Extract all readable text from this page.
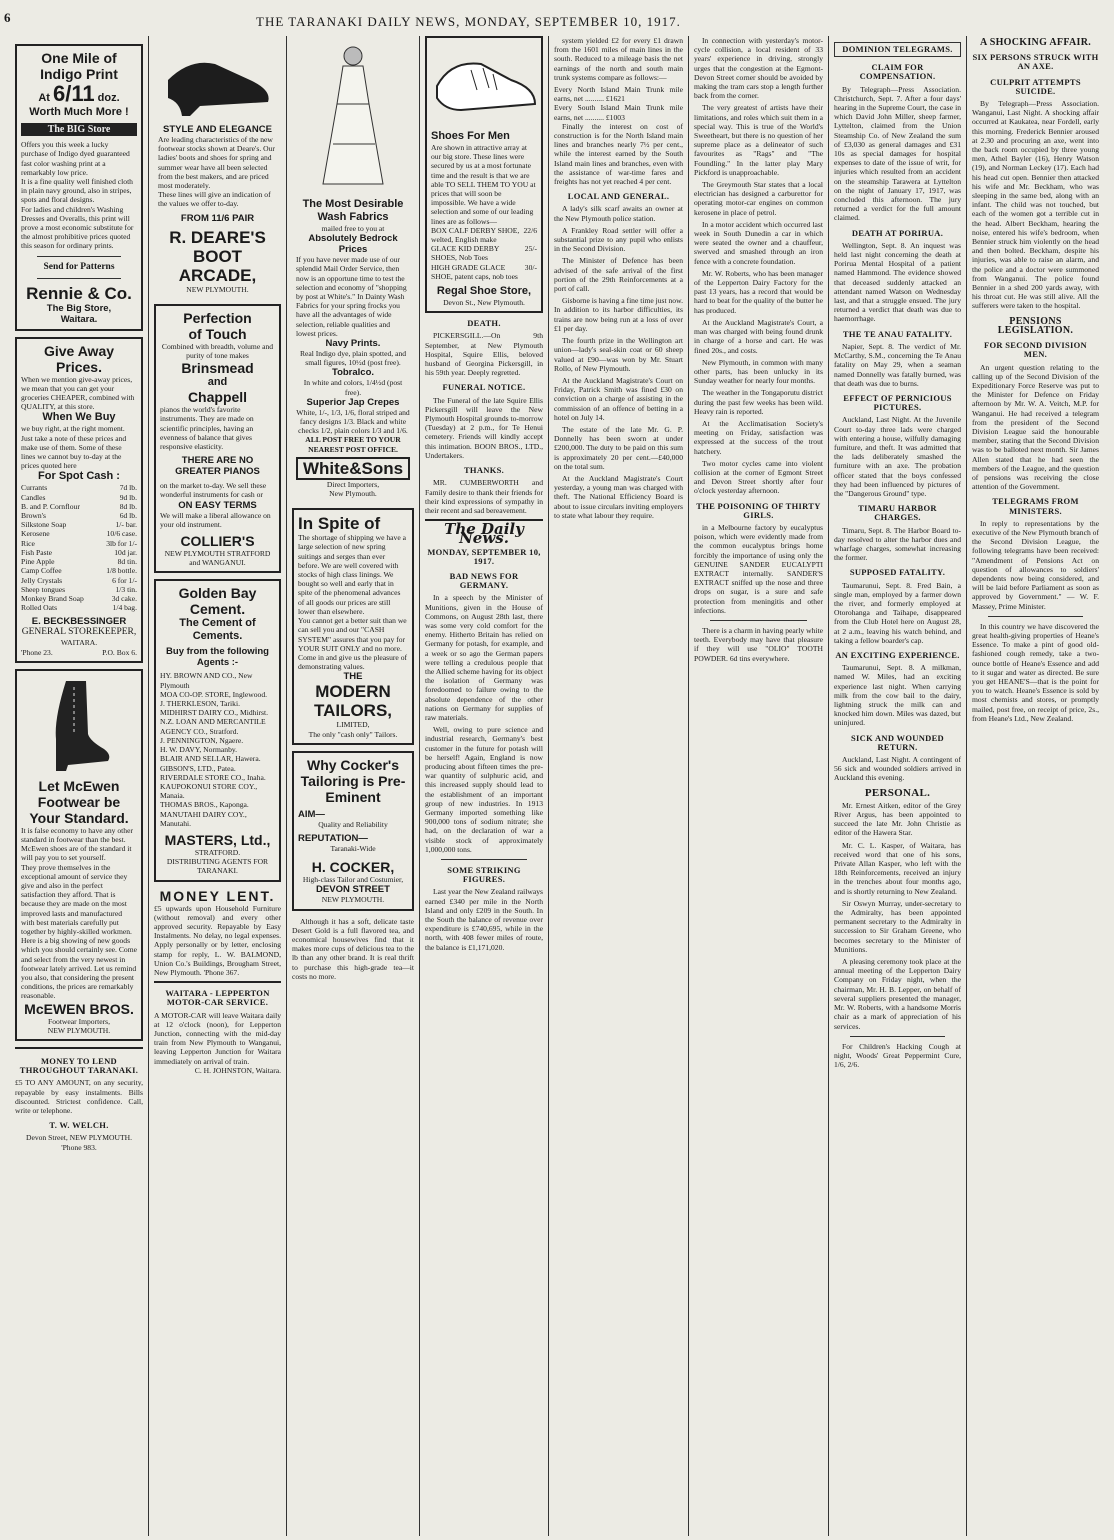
6	THE TARANAKI DAILY NEWS, MONDAY, SEPTEMBER 10, 1917.
One Mile of
Indigo Print
At 6/11 doz.
Worth Much More !
The BIG Store
Offers you this week a lucky purchase of Indigo dyed guaranteed fast color washing print at a remarkably low price.
It is a fine quality well finished cloth in plain navy ground, also in stripes, spots and floral designs.
For ladies and children's Washing Dresses and Overalls, this print will prove a most economic substitute for the almost prohibitive prices quoted this season for ordinary prints.
Send for Patterns
Rennie & Co.
The Big Store,
Waitara.
Give Away Prices.
When we mention give-away prices, we mean that you can get your groceries CHEAPER, combined with QUALITY, at this store.
When We Buy
we buy right, at the right moment. Just take a note of these prices and make use of them. Some of these lines we cannot buy to-day at the prices quoted here
For Spot Cash :
Currants	7d lb.
Candles	9d lb.
B. and P. Cornflour	8d lb.
Brown's	6d lb.
Silkstone Soap	1/- bar.
Kerosene	10/6 case.
Rice	3lb for 1/-
Fish Paste	10d jar.
Pine Apple	8d tin.
Camp Coffee	1/8 bottle.
Jelly Crystals	6 for 1/-
Sheep tongues	1/3 tin.
Monkey Brand Soap	3d cake.
Rolled Oats	1/4 bag.
E. BECKBESSINGER
GENERAL STOREKEEPER,
WAITARA.
'Phone 23.	P.O. Box 6.
Let McEwen
Footwear be
Your Standard.
It is false economy to have any other standard in footwear than the best. McEwen shoes are of the standard it will pay you to set yourself.
They prove themselves in the exceptional amount of service they give and also in the perfect satisfaction they afford. That is because they are made on the most improved lasts and manufactured with best materials carefully put together by highly-skilled workmen.
Here is a big showing of new goods which you should certainly see. Come and select from the very newest in footwear lately arrived. Let us remind you also, that considering the present conditions, the prices are remarkably reasonable.
McEWEN BROS.
Footwear Importers,
NEW PLYMOUTH.
MONEY TO LEND THROUGHOUT TARANAKI.
£5 TO ANY AMOUNT, on any security, repayable by easy instalments. Bills discounted. Strictest confidence. Call, write or telephone.
T. W. WELCH.
Devon Street, NEW PLYMOUTH. 'Phone 983.
STYLE AND ELEGANCE
Are leading characteristics of the new footwear stocks shown at Deare's. Our ladies' boots and shoes for spring and summer wear have all been selected from the best makers, and are priced most moderately.
These lines will give an indication of the values we offer to-day.
FROM 11/6 PAIR
R. DEARE'S
BOOT
ARCADE,
NEW PLYMOUTH.
Perfection
of Touch
Combined with breadth, volume and purity of tone makes
Brinsmead
and
Chappell
pianos the world's favorite instruments. They are made on scientific principles, having an evenness of balance that gives responsive elasticity.
THERE ARE NO GREATER PIANOS
on the market to-day. We sell these wonderful instruments for cash or
ON EASY TERMS
We will make a liberal allowance on your old instrument.
COLLIER'S
NEW PLYMOUTH STRATFORD and WANGANUI.
Golden Bay Cement.
The Cement of Cements.
Buy from the following Agents :-
HY. BROWN AND CO., New Plymouth
MOA CO-OP. STORE, Inglewood.
J. THERKLESON, Tariki.
MIDHIRST DAIRY CO., Midhirst.
N.Z. LOAN AND MERCANTILE AGENCY CO., Stratford.
J. PENNINGTON, Ngaere.
H. W. DAVY, Normanby.
BLAIR AND SELLAR, Hawera.
GIBSON'S, LTD., Patea.
RIVERDALE STORE CO., Inaha.
KAUPOKONUI STORE COY., Manaia.
THOMAS BROS., Kaponga.
MANUTAHI DAIRY COY., Manutahi.
MASTERS, Ltd.,
STRATFORD.
DISTRIBUTING AGENTS FOR TARANAKI.
MONEY LENT.
£5 upwards upon Household Furniture (without removal) and every other approved security. Repayable by Easy Instalments. No delay, no legal expenses. Apply personally or by letter, enclosing stamp for reply, L. W. BALMOND, Union Co.'s Buildings, Brougham Street, New Plymouth. 'Phone 367.
WAITARA - LEPPERTON MOTOR-CAR SERVICE.
A MOTOR-CAR will leave Waitara daily at 12 o'clock (noon), for Lepperton Junction, connecting with the mid-day train from New Plymouth to Wanganui, leaving Lepperton Junction for Waitara immediately on arrival of train.
C. H. JOHNSTON, Waitara.
The Most Desirable Wash Fabrics
mailed free to you at
Absolutely Bedrock Prices
If you have never made use of our splendid Mail Order Service, then now is an opportune time to test the selection and economy of "shopping by post at White's." In Dainty Wash Fabrics for your spring frocks you have all the advantages of wide selection, reliable qualities and lowest prices.
Navy Prints.
Real Indigo dye, plain spotted, and small figures, 10½d (post free).
Tobralco.
In white and colors, 1/4½d (post free).
Superior Jap Crepes
White, 1/-, 1/3, 1/6, floral striped and fancy designs 1/3. Black and white checks 1/2, plain colors 1/3 and 1/6.
ALL POST FREE TO YOUR NEAREST POST OFFICE.
White&Sons
Direct Importers,
New Plymouth.
In Spite of
The shortage of shipping we have a large selection of new spring suitings and serges than ever before. We are well covered with stocks of high class linings. We bought so well and early that in spite of the phenomenal advances of all goods our prices are still lower than elsewhere.
You cannot get a better suit than we can sell you and our "CASH SYSTEM" assures that you pay for YOUR SUIT ONLY and no more.
Come in and give us the pleasure of demonstrating values.
THE
MODERN
TAILORS,
LIMITED,
The only "cash only" Tailors.
Why Cocker's Tailoring is Pre-Eminent
AIM—
Quality and Reliability
REPUTATION—
Taranaki-Wide
H. COCKER,
High-class Tailor and Costumier,
DEVON STREET
NEW PLYMOUTH.

Although it has a soft, delicate taste Desert Gold is a full flavored tea, and economical housewives find that it makes more cups of delicious tea to the lb than any other brand. It is real thrift to purchase this high-grade tea—it costs no more.

Shoes For Men
Are shown in attractive array at our big store. These lines were secured by us at a most fortunate time and the result is that we are able TO SELL THEM TO YOU at prices that will soon be impossible. We have a wide selection and some of our leading lines are as follows—
BOX CALF DERBY SHOE, welted, English make
22/6
GLACE KID DERBY SHOES, Nob Toes
25/-
HIGH GRADE GLACE SHOE, patent caps, nob toes
30/-
Regal Shoe Store,
Devon St., New Plymouth.
DEATH.

PICKERSGILL.—On 9th September, at New Plymouth Hospital, Squire Ellis, beloved husband of Georgina Pickersgill, in his 59th year. Deeply regretted.

FUNERAL NOTICE.

The Funeral of the late Squire Ellis Pickersgill will leave the New Plymouth Hospital grounds to-morrow (Tuesday) at 2 p.m., for Te Henui cemetery. Friends will kindly accept this intimation. BOON BROS., LTD., Undertakers.

THANKS.

MR. CUMBERWORTH and Family desire to thank their friends for their kind expressions of sympathy in their recent and sad bereavement.

The Daily News.
MONDAY, SEPTEMBER 10, 1917.
BAD NEWS FOR GERMANY.

In a speech by the Minister of Munitions, given in the House of Commons, on August 28th last, there was some very cold comfort for the enemy. Hitherto Britain has relied on Germany for potash, for example, and a week or so ago the German papers were telling a credulous people that the Allied scheme having for its object the isolation of Germany was foredoomed to failure owing to the absolute dependence of the other nations on Germany for supplies of raw materials.

Well, owing to pure science and industrial research, Germany's best customer in the future for potash will be herself! Again, England is now producing about fifteen times the pre-war quantity of sulphuric acid, and this increased supply should lead to the establishment of an important group of new industries. In 1913 Germany imported something like 900,000 tons of sodium nitrate; she had, on the declaration of war a visible stock of approximately 1,000,000 tons.

SOME STRIKING FIGURES.

Last year the New Zealand railways earned £340 per mile in the North Island and only £209 in the South. In the South the balance of revenue over expenditure is £740,695, while in the north, with 408 fewer miles of route, the balance is £1,171,020.

system yielded £2 for every £1 drawn from the 1601 miles of main lines in the south. Reduced to a mileage basis the net earnings of the north and south main trunk systems compare as follows:—

Every North Island Main Trunk mile earns, net .......... £1621
Every South Island Main Trunk mile earns, net .......... £1003

Finally the interest on cost of construction is for the North Island main lines and branches nearly 7½ per cent., while the interest earned by the South Island main lines and branches, even with the assistance of war-time fares and freights has not yet reached 4 per cent.

LOCAL AND GENERAL.

A lady's silk scarf awaits an owner at the New Plymouth police station.

A Frankley Road settler will offer a substantial prize to any pupil who enlists in the Second Division.

The Minister of Defence has been advised of the safe arrival of the first portion of the 29th Reinforcements at a port of call.

Gisborne is having a fine time just now. In addition to its harbor difficulties, its trains are now being run at a loss of over £1 per day.

The fourth prize in the Wellington art union—lady's seal-skin coat or 60 sheep valued at £90—was won by Mr. Stuart Rollo, of New Plymouth.

At the Auckland Magistrate's Court on Friday, Patrick Smith was fined £30 on conviction on a charge of assisting in the commission of an offence of betting in a hotel on July 14.

The estate of the late Mr. G. P. Donnelly has been sworn at under £200,000. The duty to be paid on this sum is approximately 20 per cent.—£40,000 on the total sum.

At the Auckland Magistrate's Court yesterday, a young man was charged with theft. The National Efficiency Board is about to issue circulars inviting employers to state what labour they require.

In connection with yesterday's motor-cycle collision, a local resident of 33 years' experience in driving, strongly urges that the congestion at the Egmont-Devon Street corner should be avoided by making the tram cars stop a length further back from the corner.

The very greatest of artists have their limitations, and roles which suit them in a special way. This is true of the World's Sweetheart, but there is no question of her supreme place as a delineator of such favourites as "Rags" and "The Foundling." In the latter play Mary Pickford is unapproachable.

The Greymouth Star states that a local electrician has designed a carburettor for operating motor-car engines on common kerosene in place of petrol.

In a motor accident which occurred last week in South Dunedin a car in which were seated the owner and a chauffeur, swerved and smashed through an iron fence with a concrete foundation.

Mr. W. Roberts, who has been manager of the Lepperton Dairy Factory for the past 13 years, has a record that would be hard to beat for the quality of the butter he has produced.

At the Auckland Magistrate's Court, a man was charged with being found drunk in charge of a horse and cart. He was fined 20s., and costs.

New Plymouth, in common with many other parts, has been unlucky in its Sunday weather for nearly four months.

The weather in the Tongaporutu district during the past few weeks has been wild. Heavy rain is reported.

At the Acclimatisation Society's meeting on Friday, satisfaction was expressed at the success of the trout hatchery.

Two motor cycles came into violent collision at the corner of Egmont Street and Devon Street shortly after four o'clock yesterday afternoon.

THE POISONING OF THIRTY GIRLS.

in a Melbourne factory by eucalyptus poison, which were evidently made from the common eucalyptus brings home forcibly the importance of using only the GENUINE SANDER EUCALYPTI EXTRACT internally. SANDER'S EXTRACT sniffed up the nose and three drops on sugar, is a sure and safe protection from meningitis and other infections.

There is a charm in having pearly white teeth. Everybody may have that pleasure if they will use "OLIO" TOOTH POWDER. 6d tins everywhere.

DOMINION TELEGRAMS.
CLAIM FOR COMPENSATION.

By Telegraph—Press Association. Christchurch, Sept. 7. After a four days' hearing in the Supreme Court, the case in which David John Miller, sheep farmer, Lyttelton, claimed from the Union Steamship Co. of New Zealand the sum of £3,030 as general damages and £31 10s as special damages for hospital expenses to date of the issue of writ, for injuries which resulted from an accident on the steamship Tarawera at Lyttelton on the night of January 17, 1917, was concluded this afternoon. The jury returned a verdict for the full amount claimed.

DEATH AT PORIRUA.

Wellington, Sept. 8. An inquest was held last night concerning the death at Porirua Mental Hospital of a patient named Hammond. The evidence showed that deceased suddenly attacked an attendant named Watson on Wednesday last, and that a struggle ensued. The jury returned a verdict that death was due to haemorrhage.

THE TE ANAU FATALITY.

Napier, Sept. 8. The verdict of Mr. McCarthy, S.M., concerning the Te Anau fatality on May 29, when a seaman named Donnelly was fatally burned, was that death was due to burns.

EFFECT OF PERNICIOUS PICTURES.

Auckland, Last Night. At the Juvenile Court to-day three lads were charged with entering a house, wilfully damaging furniture, and theft. It was admitted that the lads deliberately smashed the furniture with an axe. The probation officer stated that the boys confessed they had been influenced by pictures of the "Dangerous Ground" type.

TIMARU HARBOR CHARGES.

Timaru, Sept. 8. The Harbor Board to-day resolved to alter the harbor dues and wharfage charges, somewhat increasing the former.

SUPPOSED FATALITY.

Taumarunui, Sept. 8. Fred Bain, a single man, employed by a farmer down the river, and formerly employed at Otorohanga and Taihape, disappeared from the Club Hotel here on August 28, at 2 a.m., leaving his watch behind, and taking a fellow boarder's cap.

AN EXCITING EXPERIENCE.

Taumarunui, Sept. 8. A milkman, named W. Miles, had an exciting experience last night. When carrying milk from the cow bail to the dairy, lightning struck the milk can and knocked him down. Miles was dazed, but uninjured.

SICK AND WOUNDED RETURN.

Auckland, Last Night. A contingent of 56 sick and wounded soldiers arrived in Auckland this evening.

PERSONAL.

Mr. Ernest Aitken, editor of the Grey River Argus, has been appointed to succeed the late Mr. John Christie as editor of the Hawera Star.

Mr. C. L. Kasper, of Waitara, has received word that one of his sons, Private Allan Kasper, who left with the 18th Reinforcements, received an injury in the trenches about four months ago, and is shortly returning to New Zealand.

Sir Oswyn Murray, under-secretary to the Admiralty, has been appointed permanent secretary to the Admiralty in succession to Sir Graham Greene, who becomes secretary to the Minister of Munitions.

A pleasing ceremony took place at the annual meeting of the Lepperton Dairy Company on Friday night, when the chairman, Mr. H. B. Lepper, on behalf of several suppliers presented the manager, Mr. W. Roberts, with a handsome Morris chair as a mark of appreciation of his services.

For Children's Hacking Cough at night, Woods' Great Peppermint Cure, 1/6, 2/6.

A SHOCKING AFFAIR.
SIX PERSONS STRUCK WITH AN AXE.
CULPRIT ATTEMPTS SUICIDE.

By Telegraph—Press Association. Wanganui, Last Night. A shocking affair occurred at Kaukatea, near Fordell, early this morning. Frederick Bennier aroused at 2.30 and procuring an axe, went into the back room occupied by three young men, Athel Bayler (16), Henry Watson (19), and Norman Leckey (17). Each had his head cut open. Bennier then attacked his wife and Mr. Beckham, who was sleeping in the same bed, along with an infant. The child was not touched, but each of the women got a terrible cut in the head. Albert Beckham, hearing the noise, entered his wife's bedroom, when Bennier struck him violently on the head and then bolted. Beckham, despite his injuries, was able to raise an alarm, and the police and a doctor were summoned from Wanganui. The police found Bennier in a shed 200 yards away, with his throat cut. He was still alive. All the sufferers were taken to the hospital.

PENSIONS LEGISLATION.
FOR SECOND DIVISION MEN.

An urgent question relating to the calling up of the Second Division of the Expeditionary Force Reserve was put to the Minister for Defence on Friday afternoon by Mr. W. A. Veitch, M.P. for Wanganui. He had received a telegram from the president of the Second Division League said the honourable member, stating that the Second Division was to be balloted next month. Sir James Allen stated that he had seen the members of the League, and the question of pensions was receiving the close attention of the Government.

TELEGRAMS FROM MINISTERS.

In reply to representations by the executive of the New Plymouth branch of the Second Division League, the following telegrams have been received: "Amendment of Pensions Act on question of allowances to soldiers' dependents now being considered, and will be laid before Parliament as soon as approved by Government." — W. F. Massey, Prime Minister.

In this country we have discovered the great health-giving properties of Heane's Essence. To make a pint of good old-fashioned cough remedy, take a two-ounce bottle of Heane's Essence and add to it sugar and water as directed. Be sure you get HEANE'S—that is the point for you to watch. Heane's Essence is sold by most chemists and stores, or promptly mailed, post free, on receipt of price, 2s., from Heane's Ltd., New Zealand.
